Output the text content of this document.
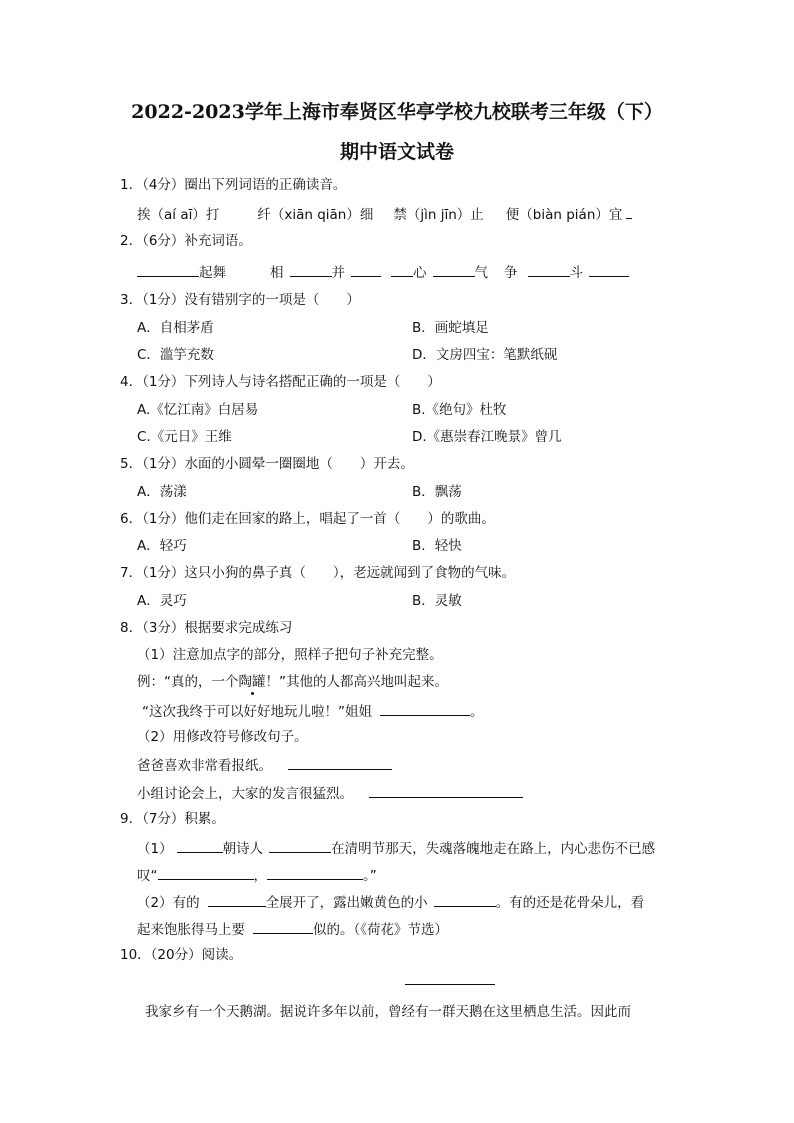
2022-2023学年上海市奉贤区华亭学校九校联考三年级（下）
期中语文试卷
1．（4分）圈出下列词语的正确读音。
挨（aí aī）打	纤（xiān qiān）细 禁（jìn jīn）止 便（biàn pián）宜
2．（6分）补充词语。
起舞	相	并	心	气 争	斗
3．（1分）没有错别字的一项是（　　）
A．自相茅盾	B．画蛇填足
C．滥竽充数	D．文房四宝：笔默纸砚
4．（1分）下列诗人与诗名搭配正确的一项是（　　）
A.《忆江南》白居易	B.《绝句》杜牧
C.《元日》王维	D.《惠崇春江晚景》曾几
5．（1分）水面的小圆晕一圈圈地（　　）开去。
A．荡漾	B．飘荡
6．（1分）他们走在回家的路上，唱起了一首（　　）的歌曲。
A．轻巧	B．轻快
7．（1分）这只小狗的鼻子真（　　），老远就闻到了食物的气味。
A．灵巧	B．灵敏
8．（3分）根据要求完成练习
（1）注意加点字的部分，照样子把句子补充完整。
例：“真的，一个陶罐！”其他的人都高兴地叫起来。
“这次我终于可以好好地玩儿啦！”姐姐	。
（2）用修改符号修改句子。
爸爸喜欢非常看报纸。
小组讨论会上，大家的发言很猛烈。
9．（7分）积累。
（1）	朝诗人	在清明节那天，失魂落魄地走在路上，内心悲伤不已感
叹“	，	。”
（2）有的	全展开了，露出嫩黄色的小	。有的还是花骨朵儿，看
起来饱胀得马上要	似的。（《荷花》节选）
10．（20分）阅读。
我家乡有一个天鹅湖。据说许多年以前，曾经有一群天鹅在这里栖息生活。因此而
